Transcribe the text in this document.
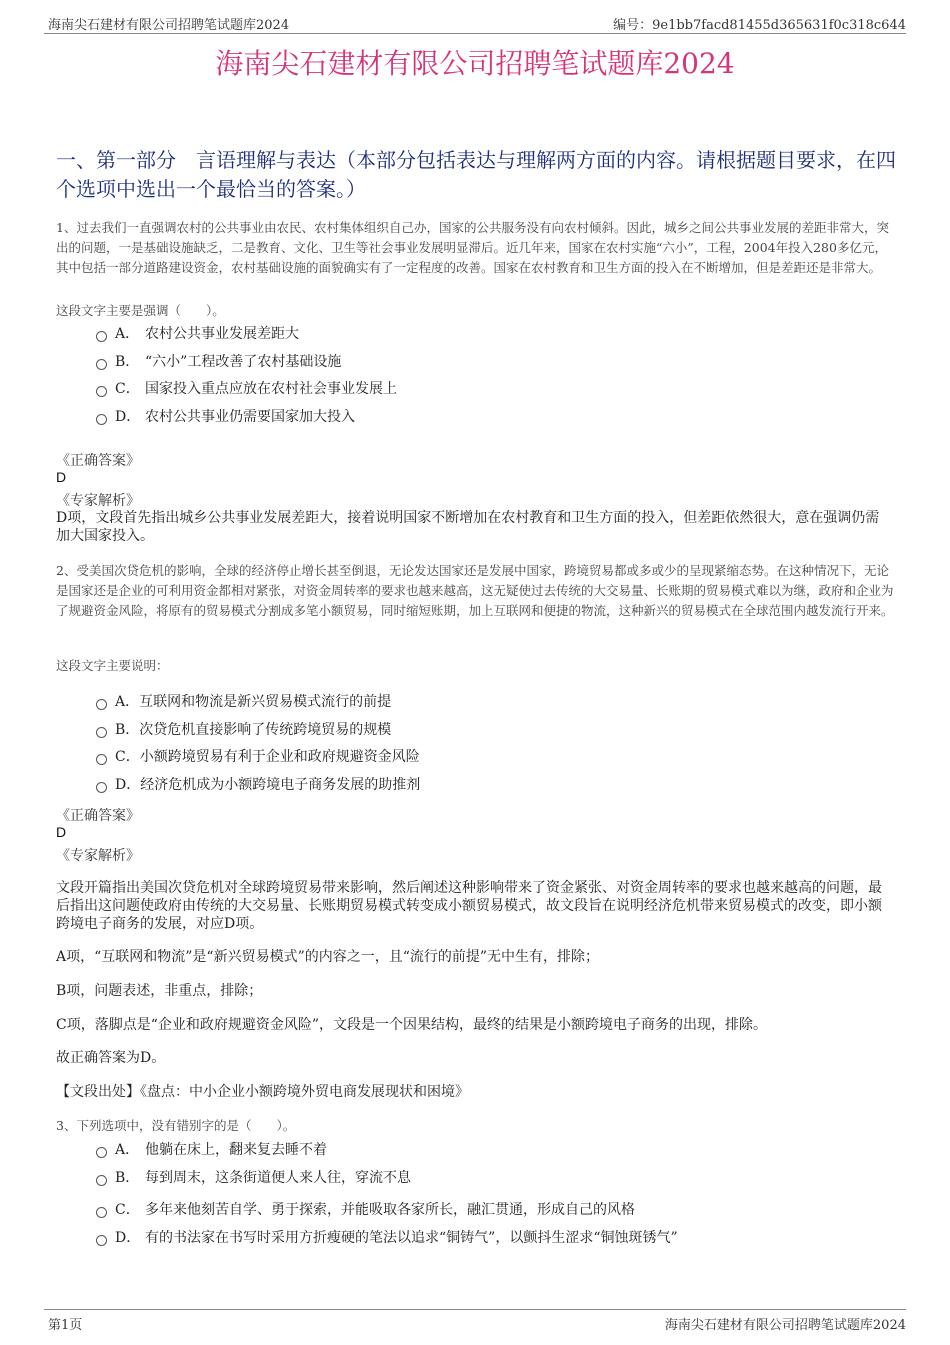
海南尖石建材有限公司招聘笔试题库2024	编号：9e1bb7facd81455d365631f0c318c644
海南尖石建材有限公司招聘笔试题库2024
一、第一部分　言语理解与表达（本部分包括表达与理解两方面的内容。请根据题目要求，在四个选项中选出一个最恰当的答案。）
1、过去我们一直强调农村的公共事业由农民、农村集体组织自己办，国家的公共服务没有向农村倾斜。因此，城乡之间公共事业发展的差距非常大，突出的问题，一是基础设施缺乏，二是教育、文化、卫生等社会事业发展明显滞后。近几年来，国家在农村实施“六小”，工程，2004年投入280多亿元，其中包括一部分道路建设资金，农村基础设施的面貌确实有了一定程度的改善。国家在农村教育和卫生方面的投入在不断增加，但是差距还是非常大。
这段文字主要是强调（　　）。
A． 农村公共事业发展差距大
B． “六小”工程改善了农村基础设施
C． 国家投入重点应放在农村社会事业发展上
D． 农村公共事业仍需要国家加大投入
《正确答案》
D
《专家解析》
D项，文段首先指出城乡公共事业发展差距大，接着说明国家不断增加在农村教育和卫生方面的投入，但差距依然很大，意在强调仍需加大国家投入。
2、受美国次贷危机的影响，全球的经济停止增长甚至倒退，无论发达国家还是发展中国家，跨境贸易都或多或少的呈现紧缩态势。在这种情况下，无论是国家还是企业的可利用资金都相对紧张，对资金周转率的要求也越来越高，这无疑使过去传统的大交易量、长账期的贸易模式难以为继，政府和企业为了规避资金风险，将原有的贸易模式分割成多笔小额贸易，同时缩短账期，加上互联网和便捷的物流，这种新兴的贸易模式在全球范围内越发流行开来。
这段文字主要说明：
A． 互联网和物流是新兴贸易模式流行的前提
B． 次贷危机直接影响了传统跨境贸易的规模
C． 小额跨境贸易有利于企业和政府规避资金风险
D． 经济危机成为小额跨境电子商务发展的助推剂
《正确答案》
D
《专家解析》
文段开篇指出美国次贷危机对全球跨境贸易带来影响，然后阐述这种影响带来了资金紧张、对资金周转率的要求也越来越高的问题，最后指出这问题使政府由传统的大交易量、长账期贸易模式转变成小额贸易模式，故文段旨在说明经济危机带来贸易模式的改变，即小额跨境电子商务的发展，对应D项。
A项，“互联网和物流”是“新兴贸易模式”的内容之一，且“流行的前提”无中生有，排除；
B项，问题表述，非重点，排除；
C项，落脚点是“企业和政府规避资金风险”，文段是一个因果结构，最终的结果是小额跨境电子商务的出现，排除。
故正确答案为D。
【文段出处】《盘点：中小企业小额跨境外贸电商发展现状和困境》
3、下列选项中，没有错别字的是（　　）。
A． 他躺在床上，翻来复去睡不着
B． 每到周末，这条街道便人来人往，穿流不息
C． 多年来他刻苦自学、勇于探索，并能吸取各家所长，融汇贯通，形成自己的风格
D． 有的书法家在书写时采用方折瘦硬的笔法以追求“铜铸气”，以颤抖生涩求“铜蚀斑锈气”
第1页	海南尖石建材有限公司招聘笔试题库2024
